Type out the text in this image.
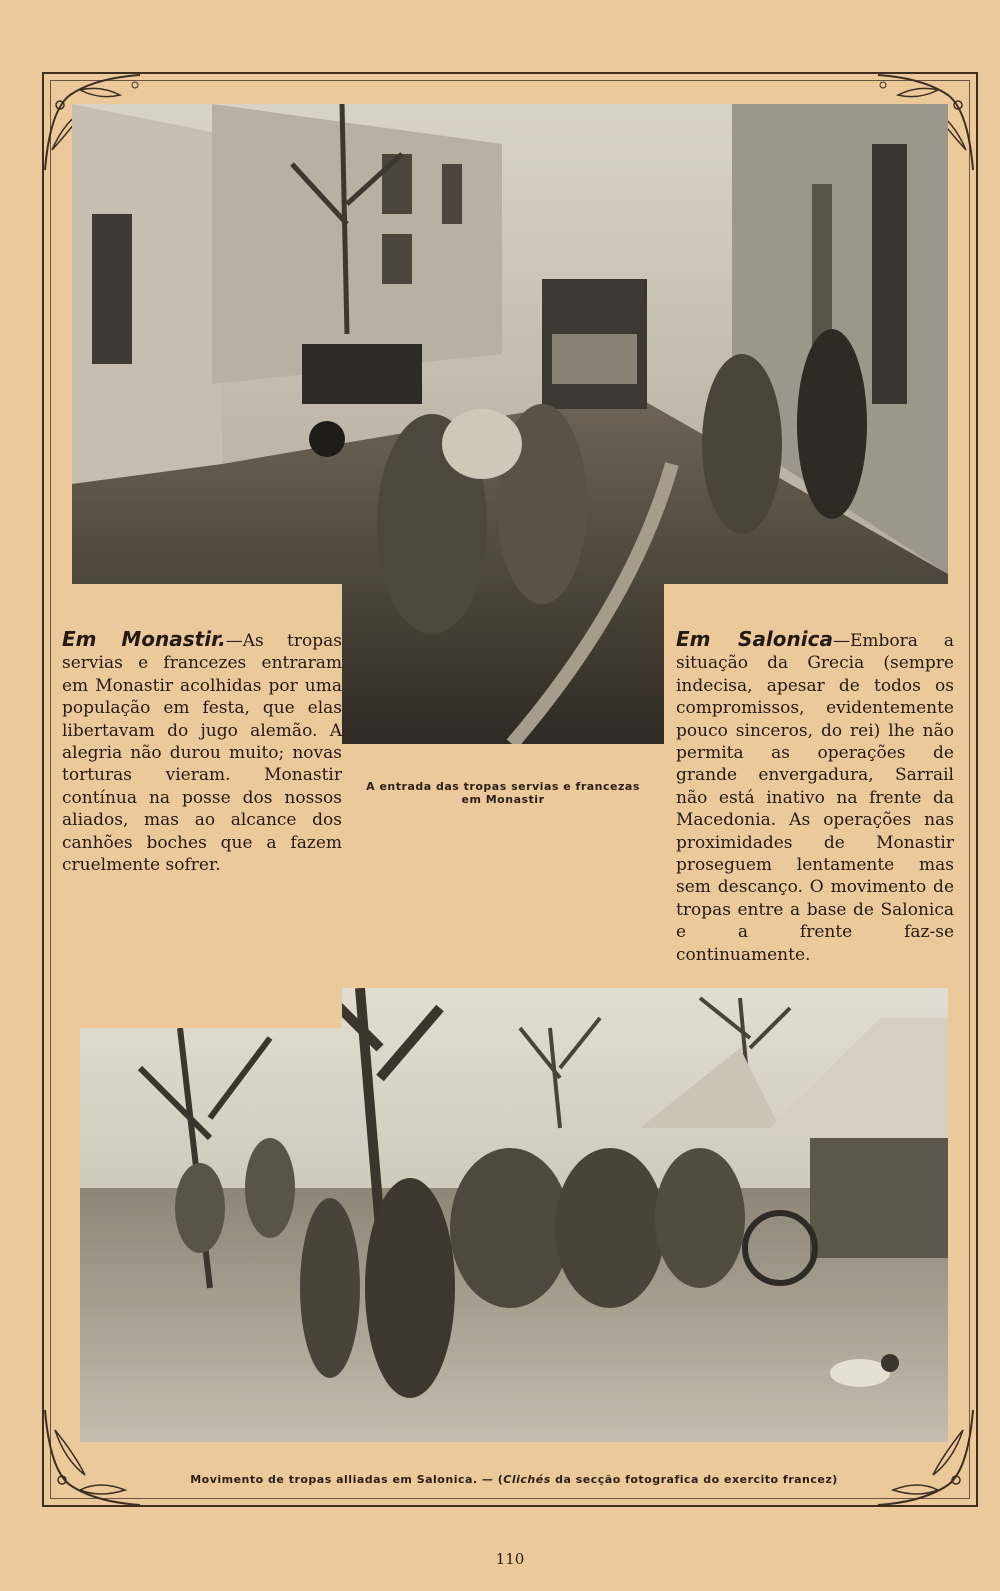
Em Monastir.—As tropas servias e francezes entraram em Monastir acolhidas por uma população em festa, que elas libertavam do jugo alemão. A alegria não durou muito; novas torturas vieram. Monastir contínua na posse dos nossos aliados, mas ao alcance dos canhões boches que a fazem cruelmente sofrer.
Em Salonica—Embora a situação da Grecia (sempre indecisa, apesar de todos os compromissos, evidentemente pouco sinceros, do rei) lhe não permita as operações de grande envergadura, Sarrail não está inativo na frente da Macedonia. As operações nas proximidades de Monastir proseguem lentamente mas sem descanço. O movimento de tropas entre a base de Salonica e a frente faz-se continuamente.
A entrada das tropas servias e francezas
em Monastir
Movimento de tropas alliadas em Salonica. — (Clichés da secção fotografica do exercito francez)
110
